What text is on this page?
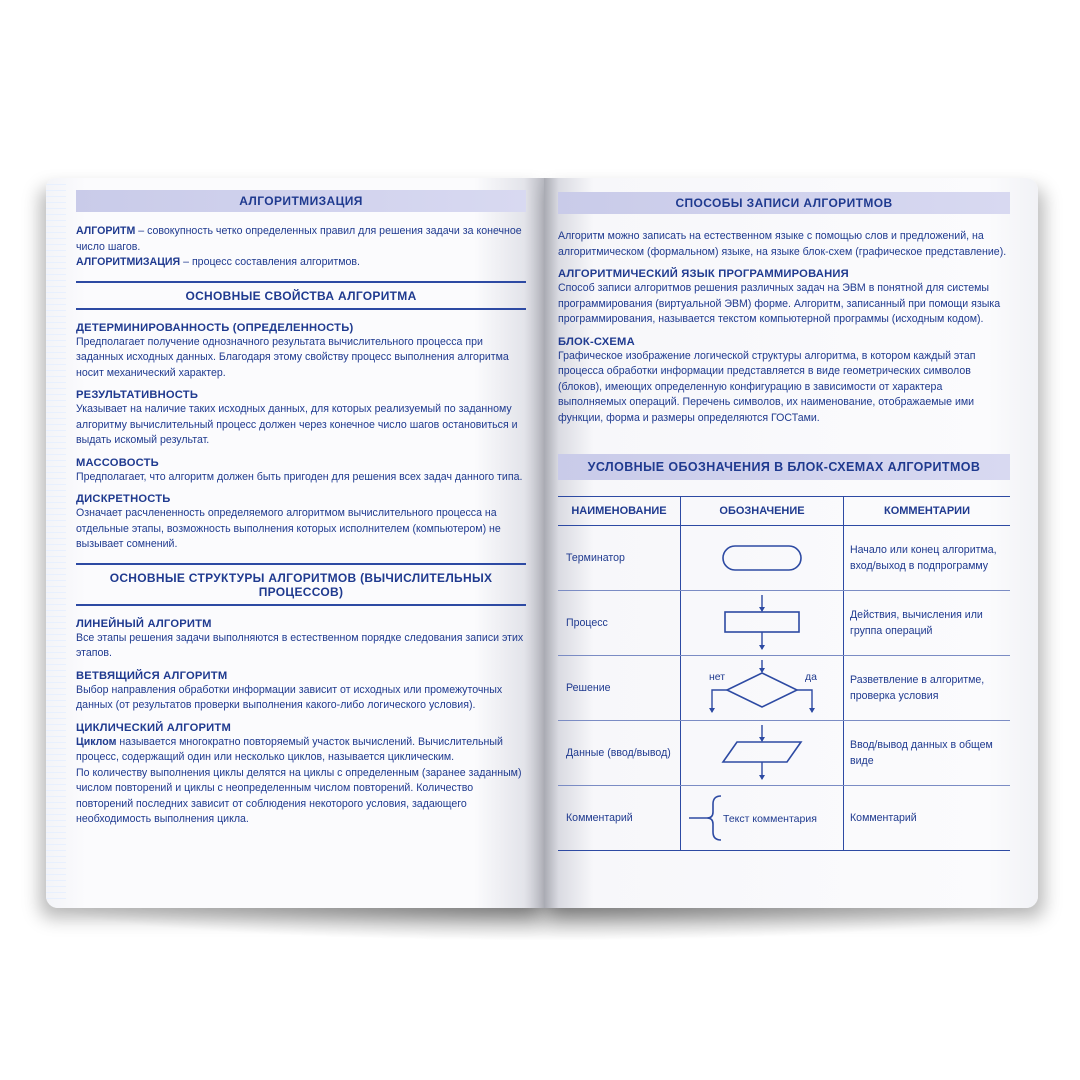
АЛГОРИТМИЗАЦИЯ

АЛГОРИТМ – совокупность четко определенных правил для решения задачи за конечное число шагов.

АЛГОРИТМИЗАЦИЯ – процесс составления алгоритмов.

ОСНОВНЫЕ СВОЙСТВА АЛГОРИТМА
ДЕТЕРМИНИРОВАННОСТЬ (ОПРЕДЕЛЕННОСТЬ)

Предполагает получение однозначного результата вычислительного процесса при заданных исходных данных. Благодаря этому свойству процесс выполнения алгоритма носит механический характер.

РЕЗУЛЬТАТИВНОСТЬ

Указывает на наличие таких исходных данных, для которых реализуемый по заданному алгоритму вычислительный процесс должен через конечное число шагов остановиться и выдать искомый результат.

МАССОВОСТЬ

Предполагает, что алгоритм должен быть пригоден для решения всех задач данного типа.

ДИСКРЕТНОСТЬ

Означает расчлененность определяемого алгоритмом вычислительного процесса на отдельные этапы, возможность выполнения которых исполнителем (компьютером) не вызывает сомнений.

ОСНОВНЫЕ СТРУКТУРЫ АЛГОРИТМОВ (ВЫЧИСЛИТЕЛЬНЫХ ПРОЦЕССОВ)
ЛИНЕЙНЫЙ АЛГОРИТМ

Все этапы решения задачи выполняются в естественном порядке следования записи этих этапов.

ВЕТВЯЩИЙСЯ АЛГОРИТМ

Выбор направления обработки информации зависит от исходных или промежуточных данных (от результатов проверки выполнения какого-либо логического условия).

ЦИКЛИЧЕСКИЙ АЛГОРИТМ

Циклом называется многократно повторяемый участок вычислений. Вычислительный процесс, содержащий один или несколько циклов, называется циклическим.

По количеству выполнения циклы делятся на циклы с определенным (заранее заданным) числом повторений и циклы с неопределенным числом повторений. Количество повторений последних зависит от соблюдения некоторого условия, задающего необходимость выполнения цикла.

СПОСОБЫ ЗАПИСИ АЛГОРИТМОВ

Алгоритм можно записать на естественном языке с помощью слов и предложений, на алгоритмическом (формальном) языке, на языке блок-схем (графическое представление).

АЛГОРИТМИЧЕСКИЙ ЯЗЫК ПРОГРАММИРОВАНИЯ

Способ записи алгоритмов решения различных задач на ЭВМ в понятной для системы программирования (виртуальной ЭВМ) форме. Алгоритм, записанный при помощи языка программирования, называется текстом компьютерной программы (исходным кодом).

БЛОК-СХЕМА

Графическое изображение логической структуры алгоритма, в котором каждый этап процесса обработки информации представляется в виде геометрических символов (блоков), имеющих определенную конфигурацию в зависимости от характера выполняемых операций. Перечень символов, их наименование, отображаемые ими функции, форма и размеры определяются ГОСТами.

УСЛОВНЫЕ ОБОЗНАЧЕНИЯ В БЛОК-СХЕМАХ АЛГОРИТМОВ
НАИМЕНОВАНИЕ	ОБОЗНАЧЕНИЕ	КОММЕНТАРИИ
Терминатор		Начало или конец алгоритма, вход/выход в подпрограмму
Процесс		Действия, вычисления или группа операций
Решение	нет да	Разветвление в алгоритме, проверка условия
Данные (ввод/вывод)		Ввод/вывод данных в общем виде
Комментарий	Текст комментария	Комментарий
